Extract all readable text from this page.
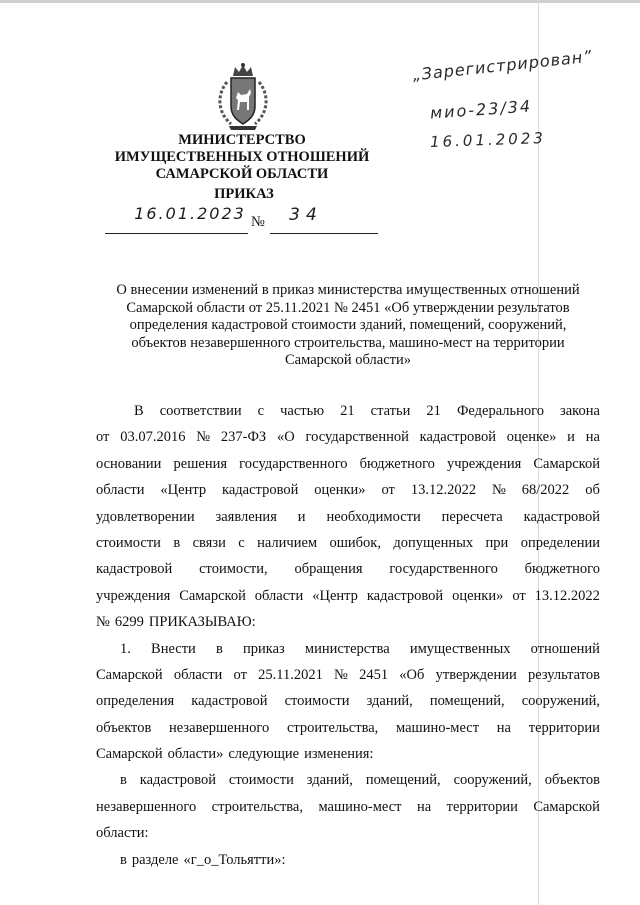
МИНИСТЕРСТВО
ИМУЩЕСТВЕННЫХ ОТНОШЕНИЙ
САМАРСКОЙ ОБЛАСТИ
ПРИКАЗ
16.01.2023 №	34
„Зарегистрирован”
мио-23/34
16.01.2023
О внесении изменений в приказ министерства имущественных отношений
Самарской области от 25.11.2021 № 2451 «Об утверждении результатов
определения кадастровой стоимости зданий, помещений, сооружений,
объектов незавершенного строительства, машино-мест на территории
Самарской области»
В соответствии с частью 21 статьи 21 Федерального закона
от 03.07.2016 № 237-ФЗ «О государственной кадастровой оценке» и на
основании решения государственного бюджетного учреждения Самарской
области «Центр кадастровой оценки» от 13.12.2022 № 68/2022 об
удовлетворении заявления и необходимости пересчета кадастровой
стоимости в связи с наличием ошибок, допущенных при определении
кадастровой стоимости, обращения государственного бюджетного
учреждения Самарской области «Центр кадастровой оценки» от 13.12.2022
№ 6299 ПРИКАЗЫВАЮ:
1. Внести в приказ министерства имущественных отношений
Самарской области от 25.11.2021 № 2451 «Об утверждении результатов
определения кадастровой стоимости зданий, помещений, сооружений,
объектов незавершенного строительства, машино-мест на территории
Самарской области» следующие изменения:
в кадастровой стоимости зданий, помещений, сооружений, объектов
незавершенного строительства, машино-мест на территории Самарской
области:
в разделе «г_о_Тольятти»:
